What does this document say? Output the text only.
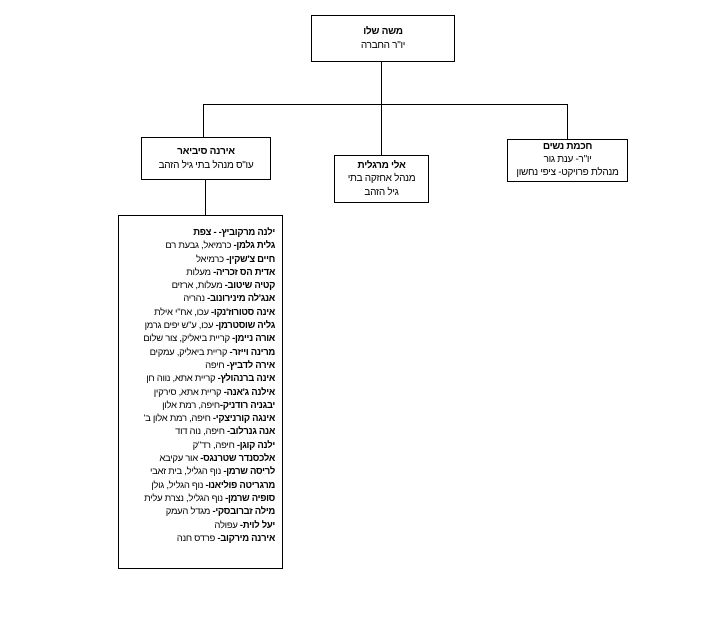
משה שלו
יו"ר החברה
אירנה סיביאר
עו"ס מנהל בתי גיל הזהב	אלי מרגלית
מנהל אחזקה בתי
גיל הזהב
חכמת נשים
יו"ר- ענת גור
מנהלת פרויקט- ציפי נחשון
ילנה מרקוביץ- - צפת
גלית גלמן- כרמיאל, גבעת רם
חיים צ'שקין- כרמיאל
אדית הס זכריה- מעלות
קטיה שיטוב- מעלות, ארזים
אנג'לה מינירונוב- נהריה
אינה סטורוז'נקו- עכו, אח"י אילת
גליה שוסטרמן- עכו, ע"ש יפים גרמן
אורה ניימן- קריית ביאליק, צור שלום
מרינה וייזר- קריית ביאליק, עמקים
אירה לדביץ- חיפה
אינה ברנהולץ- קריית אתא, נווה חן
אילנה ג'אנה- קריית אתא, סירקין
יבגניה רודניק-חיפה, רמת אלון
אינגה קורניצקי- חיפה, רמת אלון ב'
אנה גנרלוב- חיפה, נוה דוד
ילנה קוגן- חיפה, רד"ק
אלכסנדר שטרנגס- אור עקיבא
לריסה שרמן- נוף הגליל, בית זאבי
מרגריטה פוליאנו- נוף הגליל, גולן
סופיה שרמן- נוף הגליל, נצרת עלית
מילה זברובסקי- מגדל העמק
יעל לוית- עפולה
אירנה מירקוב- פרדס חנה
